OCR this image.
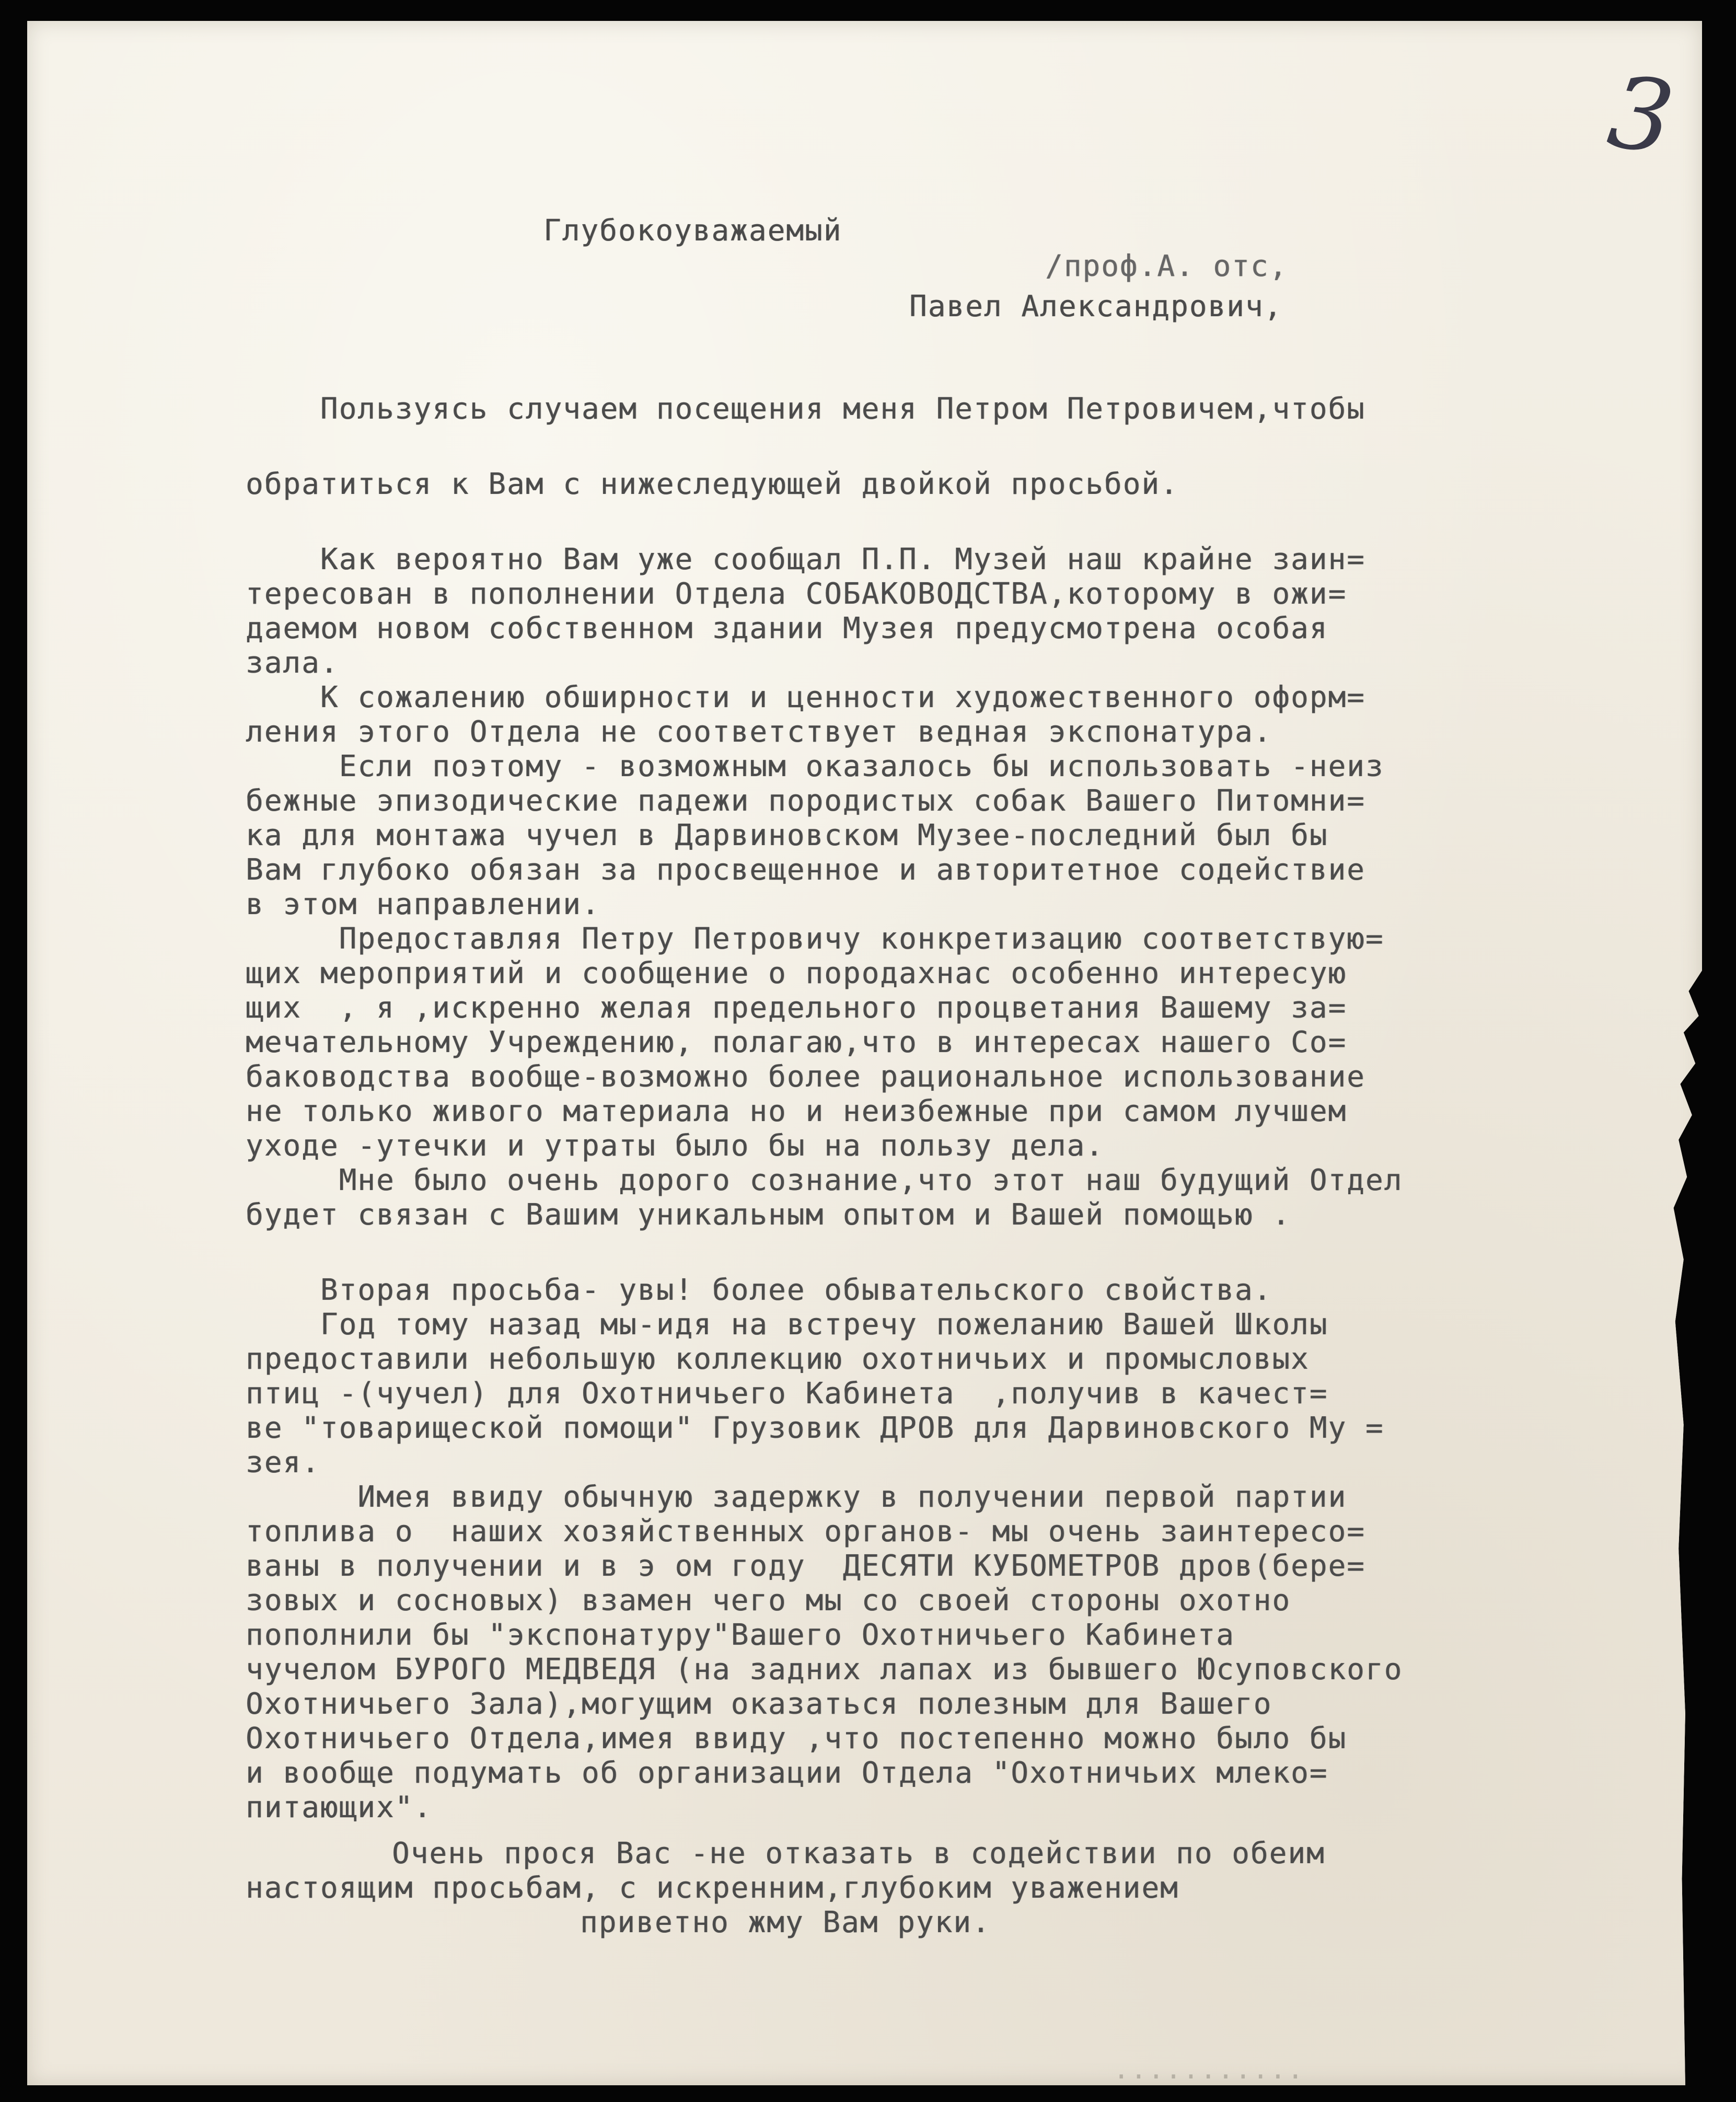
3
Глубокоуважаемый
/проф.А. отс,
Павел Александрович,
Пользуясь случаем посещения меня Петром Петровичем,чтобы
обратиться к Вам с нижеследующей двойкой просьбой.
Как вероятно Вам уже сообщал П.П. Музей наш крайне заин=
тересован в пополнении Отдела СОБАКОВОДСТВА,которому в ожи=
даемом новом собственном здании Музея предусмотрена особая
зала.
К сожалению обширности и ценности художественного оформ=
ления этого Отдела не соответствует ведная экспонатура.
Если поэтому - возможным оказалось бы использовать -неиз
бежные эпизодические падежи породистых собак Вашего Питомни=
ка для монтажа чучел в Дарвиновском Музее-последний был бы
Вам глубоко обязан за просвещенное и авторитетное содействие
в этом направлении.
Предоставляя Петру Петровичу конкретизацию соответствую=
щих мероприятий и сообщение о породахнас особенно интересую
щих  , я ,искренно желая предельного процветания Вашему за=
мечательному Учреждению, полагаю,что в интересах нашего Со=
баководства вообще-возможно более рациональное использование
не только живого материала но и неизбежные при самом лучшем
уходе -утечки и утраты было бы на пользу дела.
Мне было очень дорого сознание,что этот наш будущий Отдел
будет связан с Вашим уникальным опытом и Вашей помощью .
Вторая просьба- увы! более обывательского свойства.
Год тому назад мы-идя на встречу пожеланию Вашей Школы
предоставили небольшую коллекцию охотничьих и промысловых
птиц -(чучел) для Охотничьего Кабинета  ,получив в качест=
ве "товарищеской помощи" Грузовик ДРОВ для Дарвиновского Му =
зея.
Имея ввиду обычную задержку в получении первой партии
топлива о  наших хозяйственных органов- мы очень заинтересо=
ваны в получении и в э ом году  ДЕСЯТИ КУБОМЕТРОВ дров(бере=
зовых и сосновых) взамен чего мы со своей стороны охотно
пополнили бы "экспонатуру"Вашего Охотничьего Кабинета
чучелом БУРОГО МЕДВЕДЯ (на задних лапах из бывшего Юсуповского
Охотничьего Зала),могущим оказаться полезным для Вашего
Охотничьего Отдела,имея ввиду ,что постепенно можно было бы
и вообще подумать об организации Отдела "Охотничьих млеко=
питающих".
Очень прося Вас -не отказать в содействии по обеим
настоящим просьбам, с искренним,глубоким уважением
приветно жму Вам руки.
...........
